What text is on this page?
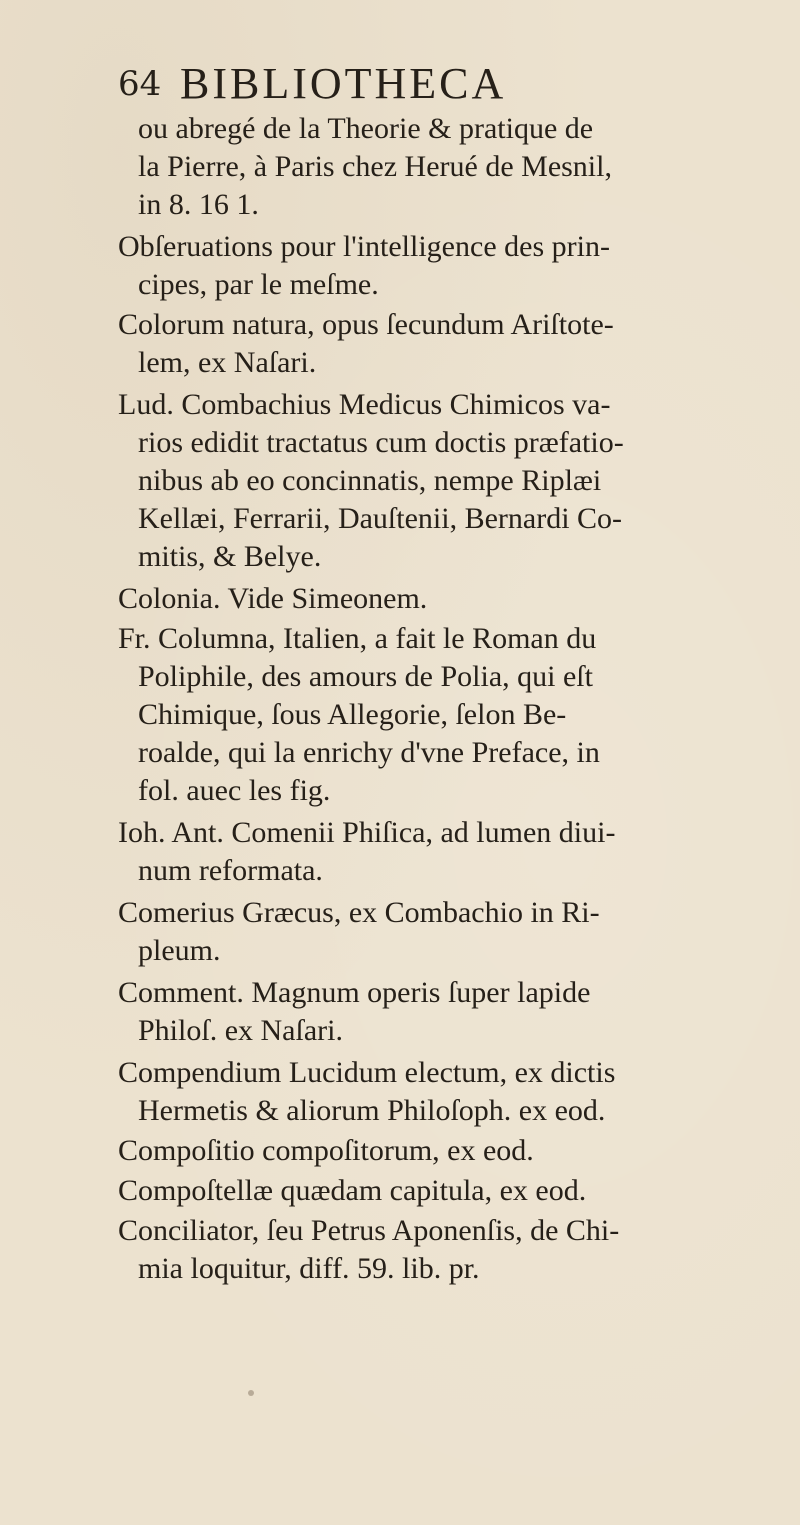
64 BIBLIOTHECA
ou abregé de la Theorie & pratique de
la Pierre, à Paris chez Herué de Mesnil,
in 8. 16 1.
Obſeruations pour l'intelligence des prin-
cipes, par le meſme.
Colorum natura, opus ſecundum Ariſtote-
lem, ex Naſari.
Lud. Combachius Medicus Chimicos va-
rios edidit tractatus cum doctis præfatio-
nibus ab eo concinnatis, nempe Riplæi
Kellæi, Ferrarii, Dauſtenii, Bernardi Co-
mitis, & Belye.
Colonia. Vide Simeonem.
Fr. Columna, Italien, a fait le Roman du
Poliphile, des amours de Polia, qui eſt
Chimique, ſous Allegorie, ſelon Be-
roalde, qui la enrichy d'vne Preface, in
fol. auec les fig.
Ioh. Ant. Comenii Phiſica, ad lumen diui-
num reformata.
Comerius Græcus, ex Combachio in Ri-
pleum.
Comment. Magnum operis ſuper lapide
Philoſ. ex Naſari.
Compendium Lucidum electum, ex dictis
Hermetis & aliorum Philoſoph. ex eod.
Compoſitio compoſitorum, ex eod.
Compoſtellæ quædam capitula, ex eod.
Conciliator, ſeu Petrus Aponenſis, de Chi-
mia loquitur, diff. 59. lib. pr.
